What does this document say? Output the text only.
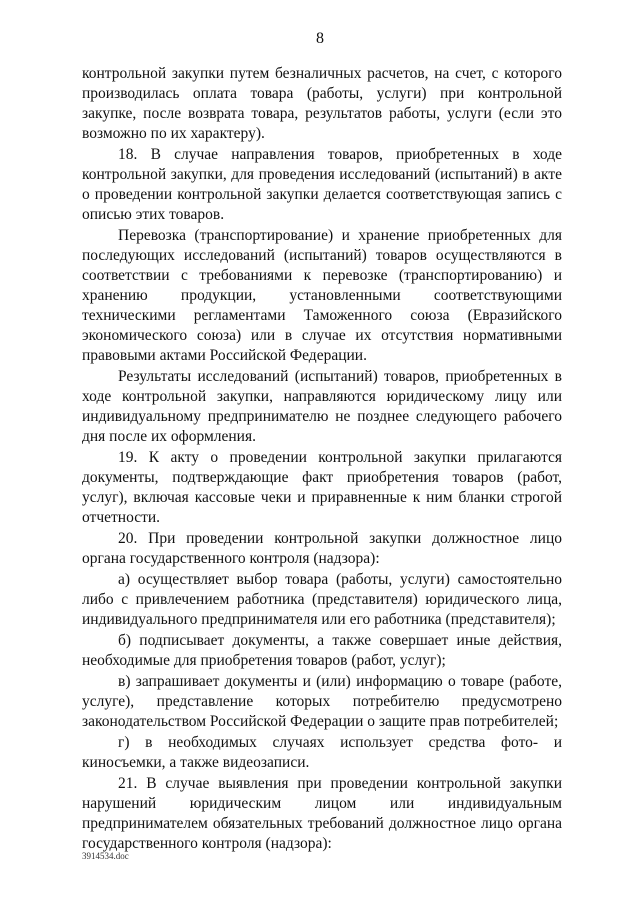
8

контрольной закупки путем безналичных расчетов, на счет, с которого производилась оплата товара (работы, услуги) при контрольной закупке, после возврата товара, результатов работы, услуги (если это возможно по их характеру).

18. В случае направления товаров, приобретенных в ходе контрольной закупки, для проведения исследований (испытаний) в акте о проведении контрольной закупки делается соответствующая запись с описью этих товаров.

Перевозка (транспортирование) и хранение приобретенных для последующих исследований (испытаний) товаров осуществляются в соответствии с требованиями к перевозке (транспортированию) и хранению продукции, установленными соответствующими техническими регламентами Таможенного союза (Евразийского экономического союза) или в случае их отсутствия нормативными правовыми актами Российской Федерации.

Результаты исследований (испытаний) товаров, приобретенных в ходе контрольной закупки, направляются юридическому лицу или индивидуальному предпринимателю не позднее следующего рабочего дня после их оформления.

19. К акту о проведении контрольной закупки прилагаются документы, подтверждающие факт приобретения товаров (работ, услуг), включая кассовые чеки и приравненные к ним бланки строгой отчетности.

20. При проведении контрольной закупки должностное лицо органа государственного контроля (надзора):

а) осуществляет выбор товара (работы, услуги) самостоятельно либо с привлечением работника (представителя) юридического лица, индивидуального предпринимателя или его работника (представителя);

б) подписывает документы, а также совершает иные действия, необходимые для приобретения товаров (работ, услуг);

в) запрашивает документы и (или) информацию о товаре (работе, услуге), представление которых потребителю предусмотрено законодательством Российской Федерации о защите прав потребителей;

г) в необходимых случаях использует средства фото- и киносъемки, а также видеозаписи.

21. В случае выявления при проведении контрольной закупки нарушений юридическим лицом или индивидуальным предпринимателем обязательных требований должностное лицо органа государственного контроля (надзора):

3914534.doc
